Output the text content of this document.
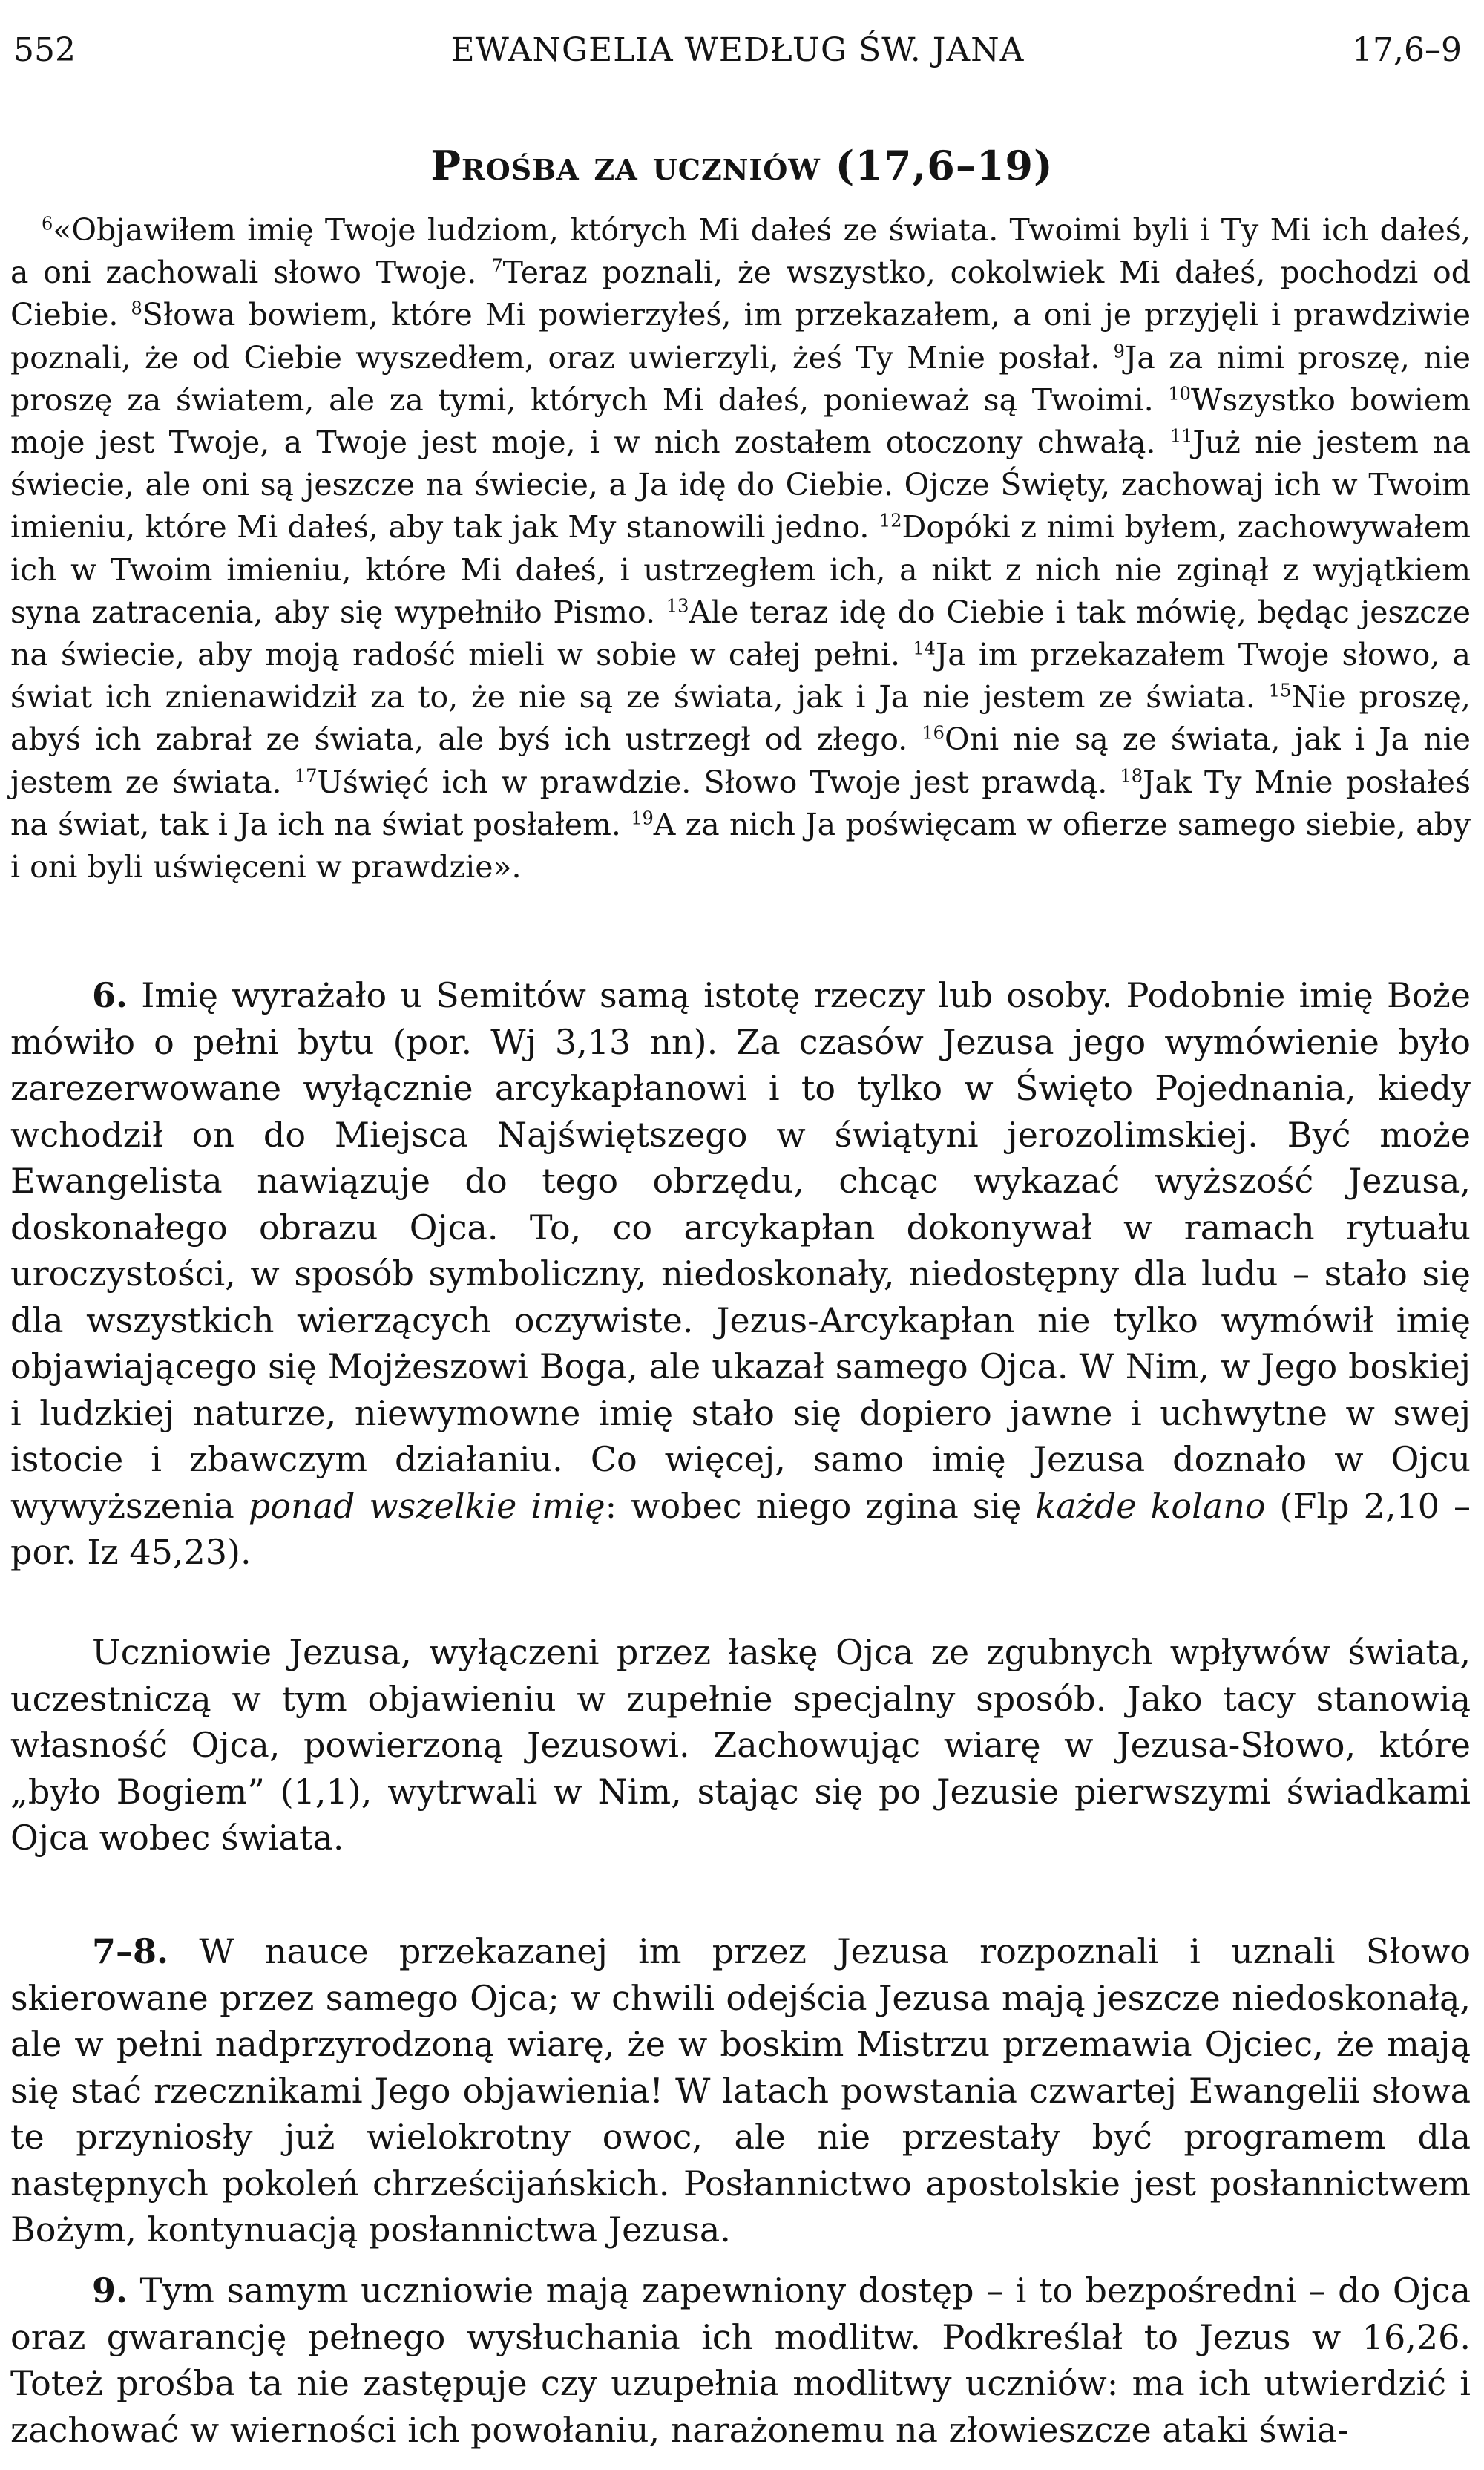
552	EWANGELIA WEDŁUG ŚW. JANA	17,6–9
Prośba za uczniów (17,6–19)

$^6$«Objawiłem imię Twoje ludziom, których Mi dałeś ze świata. Twoimi byli i Ty Mi ich dałeś, a oni zachowali słowo Twoje. $^7$Teraz poznali, że wszystko, cokolwiek Mi dałeś, pochodzi od Ciebie. $^8$Słowa bowiem, które Mi powierzyłeś, im przekazałem, a oni je przyjęli i prawdziwie poznali, że od Ciebie wyszedłem, oraz uwierzyli, żeś Ty Mnie posłał. $^9$Ja za nimi proszę, nie proszę za światem, ale za tymi, których Mi dałeś, ponieważ są Twoimi. $^{10}$Wszystko bowiem moje jest Twoje, a Twoje jest moje, i w nich zostałem otoczony chwałą. $^{11}$Już nie jestem na świecie, ale oni są jeszcze na świecie, a Ja idę do Ciebie. Ojcze Święty, zachowaj ich w Twoim imieniu, które Mi dałeś, aby tak jak My stanowili jedno. $^{12}$Dopóki z nimi byłem, zachowywałem ich w Twoim imieniu, które Mi dałeś, i ustrzegłem ich, a nikt z nich nie zginął z wyjątkiem syna zatracenia, aby się wypełniło Pismo. $^{13}$Ale teraz idę do Ciebie i tak mówię, będąc jeszcze na świecie, aby moją radość mieli w sobie w całej pełni. $^{14}$Ja im przekazałem Twoje słowo, a świat ich znienawidził za to, że nie są ze świata, jak i Ja nie jestem ze świata. $^{15}$Nie proszę, abyś ich zabrał ze świata, ale byś ich ustrzegł od złego. $^{16}$Oni nie są ze świata, jak i Ja nie jestem ze świata. $^{17}$Uświęć ich w prawdzie. Słowo Twoje jest prawdą. $^{18}$Jak Ty Mnie posłałeś na świat, tak i Ja ich na świat posłałem. $^{19}$A za nich Ja poświęcam w ofierze samego siebie, aby i oni byli uświęceni w prawdzie».

6. Imię wyrażało u Semitów samą istotę rzeczy lub osoby. Podobnie imię Boże mówiło o pełni bytu (por. Wj 3,13 nn). Za czasów Jezusa jego wymówienie było zarezerwowane wyłącznie arcykapłanowi i to tylko w Święto Pojednania, kiedy wchodził on do Miejsca Najświętszego w świątyni jerozolimskiej. Być może Ewangelista nawiązuje do tego obrzędu, chcąc wykazać wyższość Jezusa, doskonałego obrazu Ojca. To, co arcykapłan dokonywał w ramach rytuału uroczystości, w sposób symboliczny, niedoskonały, niedostępny dla ludu – stało się dla wszystkich wierzących oczywiste. Jezus-Arcykapłan nie tylko wymówił imię objawiającego się Mojżeszowi Boga, ale ukazał samego Ojca. W Nim, w Jego boskiej i ludzkiej naturze, niewymowne imię stało się dopiero jawne i uchwytne w swej istocie i zbawczym działaniu. Co więcej, samo imię Jezusa doznało w Ojcu wywyższenia ponad wszelkie imię: wobec niego zgina się każde kolano (Flp 2,10 – por. Iz 45,23).

Uczniowie Jezusa, wyłączeni przez łaskę Ojca ze zgubnych wpływów świata, uczestniczą w tym objawieniu w zupełnie specjalny sposób. Jako tacy stanowią własność Ojca, powierzoną Jezusowi. Zachowując wiarę w Jezusa-Słowo, które „było Bogiem” (1,1), wytrwali w Nim, stając się po Jezusie pierwszymi świadkami Ojca wobec świata.

7–8. W nauce przekazanej im przez Jezusa rozpoznali i uznali Słowo skierowane przez samego Ojca; w chwili odejścia Jezusa mają jeszcze niedoskonałą, ale w pełni nadprzyrodzoną wiarę, że w boskim Mistrzu przemawia Ojciec, że mają się stać rzecznikami Jego objawienia! W latach powstania czwartej Ewangelii słowa te przyniosły już wielokrotny owoc, ale nie przestały być programem dla następnych pokoleń chrześcijańskich. Posłannictwo apostolskie jest posłannictwem Bożym, kontynuacją posłannictwa Jezusa.

9. Tym samym uczniowie mają zapewniony dostęp – i to bezpośredni – do Ojca oraz gwarancję pełnego wysłuchania ich modlitw. Podkreślał to Jezus w 16,26. Toteż prośba ta nie zastępuje czy uzupełnia modlitwy uczniów: ma ich utwierdzić i zachować w wierności ich powołaniu, narażonemu na złowieszcze ataki świa-
